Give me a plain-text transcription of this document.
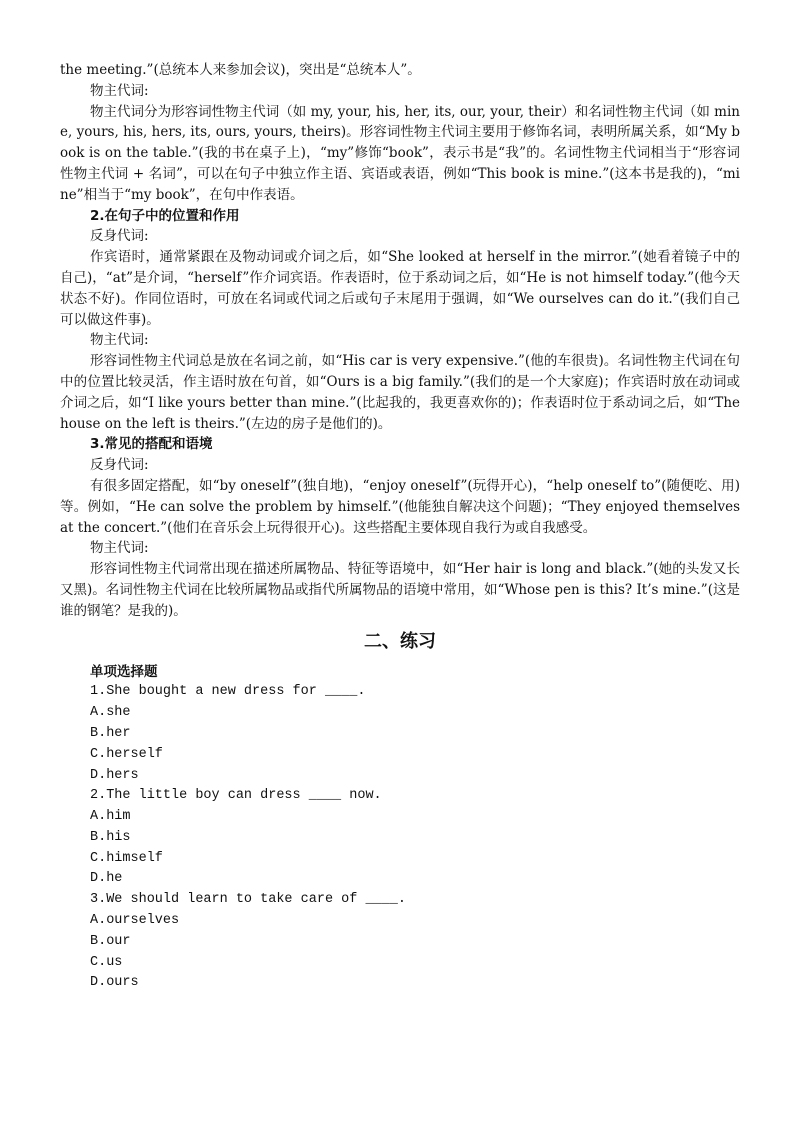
the meeting.”(总统本人来参加会议)，突出是“总统本人”。

物主代词:

物主代词分为形容词性物主代词（如 my, your, his, her, its, our, your, their）和名词性物主代词（如 mine, yours, his, hers, its, ours, yours, theirs)。形容词性物主代词主要用于修饰名词，表明所属关系，如“My book is on the table.”(我的书在桌子上)，“my”修饰“book”，表示书是“我”的。名词性物主代词相当于“形容词性物主代词 + 名词”，可以在句子中独立作主语、宾语或表语，例如“This book is mine.”(这本书是我的)，“mine”相当于“my book”，在句中作表语。

2.在句子中的位置和作用

反身代词:

作宾语时，通常紧跟在及物动词或介词之后，如“She looked at herself in the mirror.”(她看着镜子中的自己)，“at”是介词，“herself”作介词宾语。作表语时，位于系动词之后，如“He is not himself today.”(他今天状态不好)。作同位语时，可放在名词或代词之后或句子末尾用于强调，如“We ourselves can do it.”(我们自己可以做这件事)。

物主代词:

形容词性物主代词总是放在名词之前，如“His car is very expensive.”(他的车很贵)。名词性物主代词在句中的位置比较灵活，作主语时放在句首，如“Ours is a big family.”(我们的是一个大家庭)；作宾语时放在动词或介词之后，如“I like yours better than mine.”(比起我的，我更喜欢你的)；作表语时位于系动词之后，如“The house on the left is theirs.”(左边的房子是他们的)。

3.常见的搭配和语境

反身代词:

有很多固定搭配，如“by oneself”(独自地)，“enjoy oneself”(玩得开心)，“help oneself to”(随便吃、用)等。例如，“He can solve the problem by himself.”(他能独自解决这个问题)；“They enjoyed themselves at the concert.”(他们在音乐会上玩得很开心)。这些搭配主要体现自我行为或自我感受。

物主代词:

形容词性物主代词常出现在描述所属物品、特征等语境中，如“Her hair is long and black.”(她的头发又长又黑)。名词性物主代词在比较所属物品或指代所属物品的语境中常用，如“Whose pen is this? It’s mine.”(这是谁的钢笔？是我的)。

二、练习

单项选择题

1.She bought a new dress for ____.

A.she

B.her

C.herself

D.hers

2.The little boy can dress ____ now.

A.him

B.his

C.himself

D.he

3.We should learn to take care of ____.

A.ourselves

B.our

C.us

D.ours
